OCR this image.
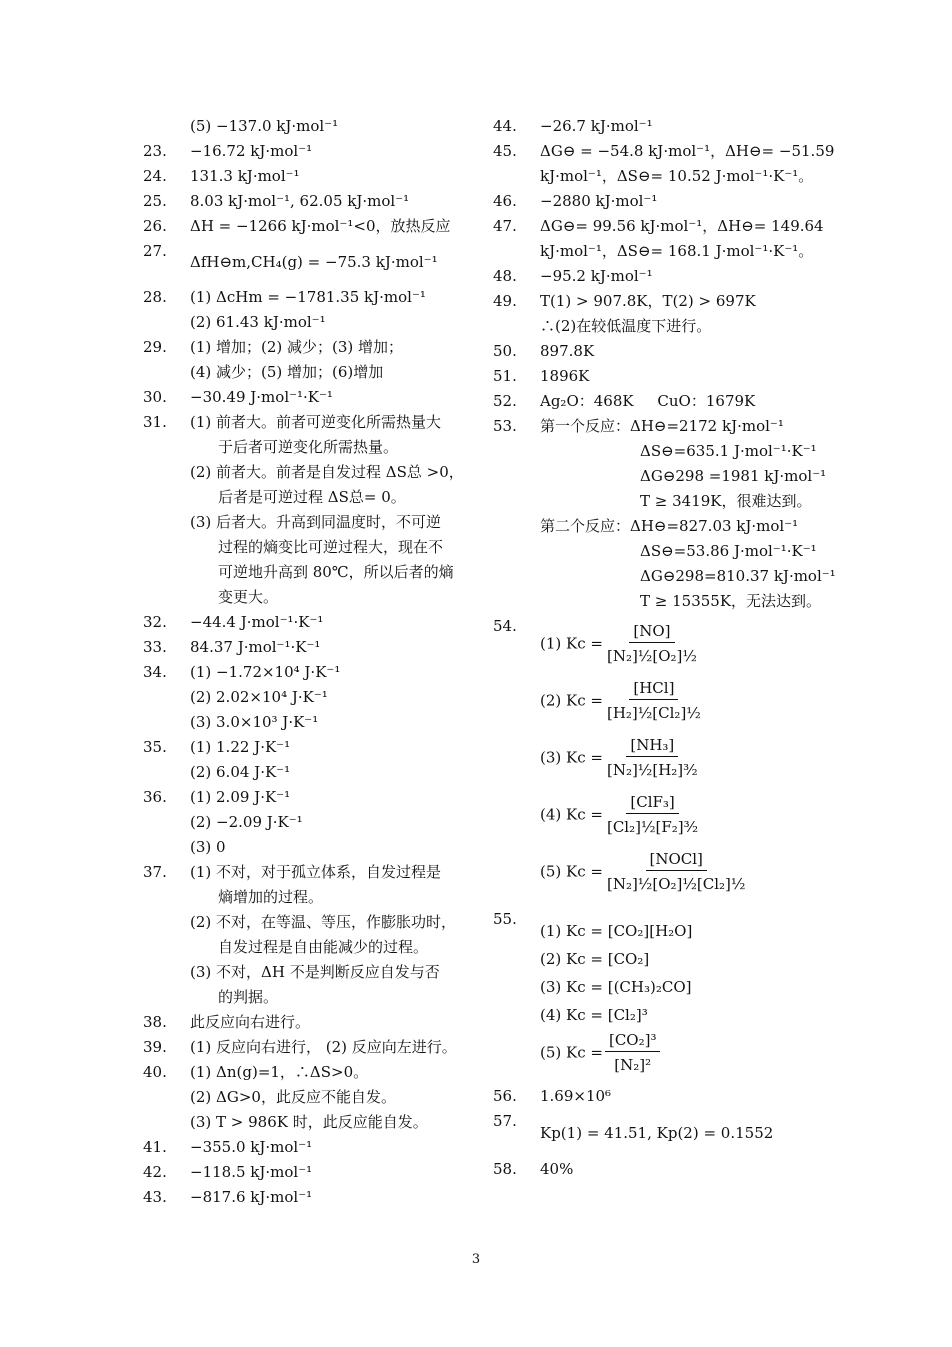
(5) −137.0 kJ·mol⁻¹
23.	−16.72 kJ·mol⁻¹
24.	131.3 kJ·mol⁻¹
25.	8.03 kJ·mol⁻¹, 62.05 kJ·mol⁻¹
26.	ΔH = −1266 kJ·mol⁻¹<0，放热反应
27.
ΔfH⊖m,CH₄(g) = −75.3 kJ·mol⁻¹
28.	(1) ΔcHm = −1781.35 kJ·mol⁻¹
(2) 61.43 kJ·mol⁻¹
29.	(1) 增加；(2) 减少；(3) 增加；
(4) 减少；(5) 增加；(6)增加
30.	−30.49 J·mol⁻¹·K⁻¹
31.	(1) 前者大。前者可逆变化所需热量大
于后者可逆变化所需热量。
(2) 前者大。前者是自发过程 ΔS总 >0，
后者是可逆过程 ΔS总= 0。
(3) 后者大。升高到同温度时，不可逆
过程的熵变比可逆过程大，现在不
可逆地升高到 80℃，所以后者的熵
变更大。
32.	−44.4 J·mol⁻¹·K⁻¹
33.	84.37 J·mol⁻¹·K⁻¹
34.	(1) −1.72×10⁴ J·K⁻¹
(2) 2.02×10⁴ J·K⁻¹
(3) 3.0×10³ J·K⁻¹
35.	(1) 1.22 J·K⁻¹
(2) 6.04 J·K⁻¹
36.	(1) 2.09 J·K⁻¹
(2) −2.09 J·K⁻¹
(3) 0
37.	(1) 不对，对于孤立体系，自发过程是
熵增加的过程。
(2) 不对，在等温、等压，作膨胀功时，
自发过程是自由能减少的过程。
(3) 不对，ΔH 不是判断反应自发与否
的判据。
38.	此反应向右进行。
39.	(1) 反应向右进行， (2) 反应向左进行。
40.	(1) Δn(g)=1，∴ΔS>0。
(2) ΔG>0，此反应不能自发。
(3) T > 986K 时，此反应能自发。
41.	−355.0 kJ·mol⁻¹
42.	−118.5 kJ·mol⁻¹
43.	−817.6 kJ·mol⁻¹
44.	−26.7 kJ·mol⁻¹
45.	ΔG⊖ = −54.8 kJ·mol⁻¹，ΔH⊖= −51.59
kJ·mol⁻¹，ΔS⊖= 10.52 J·mol⁻¹·K⁻¹。
46.	−2880 kJ·mol⁻¹
47.	ΔG⊖= 99.56 kJ·mol⁻¹，ΔH⊖= 149.64
kJ·mol⁻¹，ΔS⊖= 168.1 J·mol⁻¹·K⁻¹。
48.	−95.2 kJ·mol⁻¹
49.	T(1) > 907.8K，T(2) > 697K
∴(2)在较低温度下进行。
50.	897.8K
51.	1896K
52.	Ag₂O：468K     CuO：1679K
53.	第一个反应：ΔH⊖=2172 kJ·mol⁻¹
ΔS⊖=635.1 J·mol⁻¹·K⁻¹
ΔG⊖298 =1981 kJ·mol⁻¹
T ≥ 3419K，很难达到。
第二个反应：ΔH⊖=827.03 kJ·mol⁻¹
ΔS⊖=53.86 J·mol⁻¹·K⁻¹
ΔG⊖298=810.37 kJ·mol⁻¹
T ≥ 15355K，无法达到。
54.
(1) $Kc = \frac{[NO]}{\text{[N₂]½[O₂]½}}$
(2) $Kc = \frac{\text{[HCl]}}{\text{[H₂]½[Cl₂]½}}$
(3) $Kc = \frac{\text{[NH₃]}}{\text{[N₂]½[H₂]³⁄₂}}$
(4) $Kc = \frac{\text{[ClF₃]}}{\text{[Cl₂]½[F₂]³⁄₂}}$
(5) $Kc = \frac{\text{[NOCl]}}{\text{[N₂]½[O₂]½[Cl₂]½}}$
55.
(1) Kc = [CO₂][H₂O]
(2) Kc = [CO₂]
(3) Kc = [(CH₃)₂CO]
(4) Kc = [Cl₂]³
(5) $Kc = \frac{\text{[CO₂]³}}{\text{[N₂]²}}$
56.	1.69×10⁶
57.
Kp(1) = 41.51, Kp(2) = 0.1552
58.	40%
3
